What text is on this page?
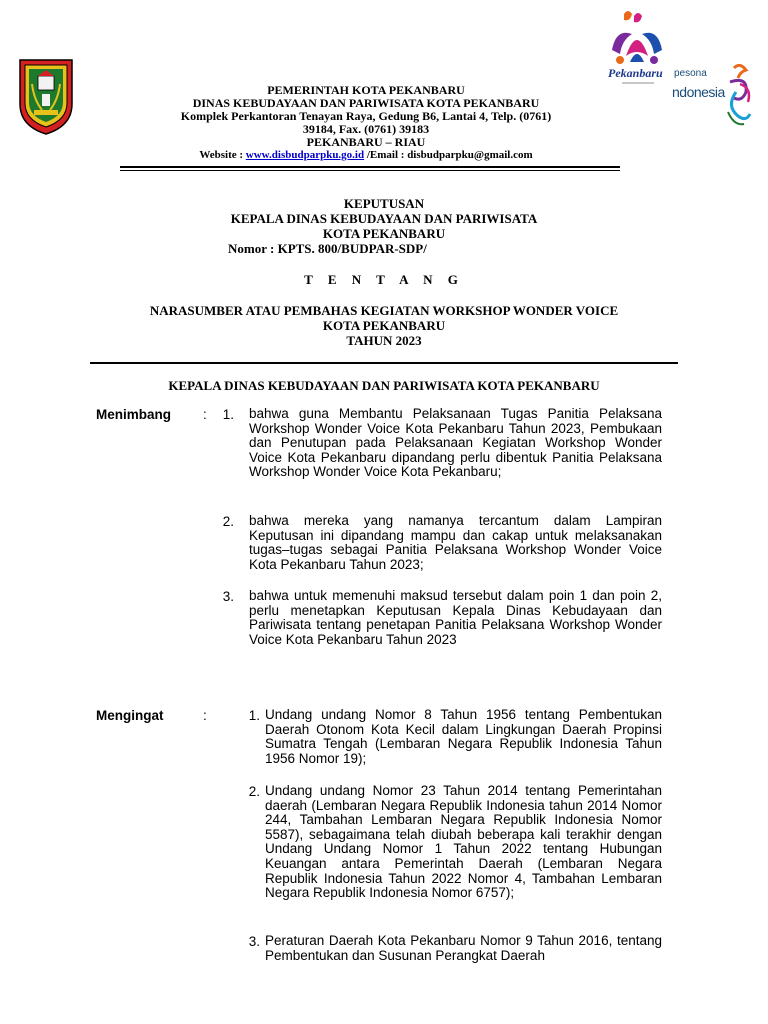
PEMERINTAH KOTA PEKANBARU
DINAS KEBUDAYAAN DAN PARIWISATA KOTA PEKANBARU
Komplek Perkantoran Tenayan Raya, Gedung B6, Lantai 4, Telp. (0761)
39184, Fax. (0761) 39183
PEKANBARU – RIAU
Website : www.disbudparpku.go.id /Email : disbudparpku@gmail.com
Pekanbaru pesona
ndonesia
KEPUTUSAN
KEPALA DINAS KEBUDAYAAN DAN PARIWISATA
KOTA PEKANBARU
Nomor : KPTS. 800/BUDPAR-SDP/
T E N T A N G
NARASUMBER ATAU PEMBAHAS KEGIATAN WORKSHOP WONDER VOICE
KOTA PEKANBARU
TAHUN 2023
KEPALA DINAS KEBUDAYAAN DAN PARIWISATA KOTA PEKANBARU
Menimbang :	1. bahwa guna Membantu Pelaksanaan Tugas Panitia Pelaksana Workshop Wonder Voice Kota Pekanbaru Tahun 2023, Pembukaan dan Penutupan pada Pelaksanaan Kegiatan Workshop Wonder Voice Kota Pekanbaru dipandang perlu dibentuk Panitia Pelaksana Workshop Wonder Voice Kota Pekanbaru;
2. bahwa mereka yang namanya tercantum dalam Lampiran Keputusan ini dipandang mampu dan cakap untuk melaksanakan tugas–tugas sebagai Panitia Pelaksana Workshop Wonder Voice Kota Pekanbaru Tahun 2023;
3. bahwa untuk memenuhi maksud tersebut dalam poin 1 dan poin 2, perlu menetapkan Keputusan Kepala Dinas Kebudayaan dan Pariwisata tentang penetapan Panitia Pelaksana Workshop Wonder Voice Kota Pekanbaru Tahun 2023
Mengingat	:	1. Undang undang Nomor 8 Tahun 1956 tentang Pembentukan Daerah Otonom Kota Kecil dalam Lingkungan Daerah Propinsi Sumatra Tengah (Lembaran Negara Republik Indonesia Tahun 1956 Nomor 19);
2. Undang undang Nomor 23 Tahun 2014 tentang Pemerintahan daerah (Lembaran Negara Republik Indonesia tahun 2014 Nomor 244, Tambahan Lembaran Negara Republik Indonesia Nomor 5587), sebagaimana telah diubah beberapa kali terakhir dengan Undang Undang Nomor 1 Tahun 2022 tentang Hubungan Keuangan antara Pemerintah Daerah (Lembaran Negara Republik Indonesia Tahun 2022 Nomor 4, Tambahan Lembaran Negara Republik Indonesia Nomor 6757);
3. Peraturan Daerah Kota Pekanbaru Nomor 9 Tahun 2016, tentang Pembentukan dan Susunan Perangkat Daerah
